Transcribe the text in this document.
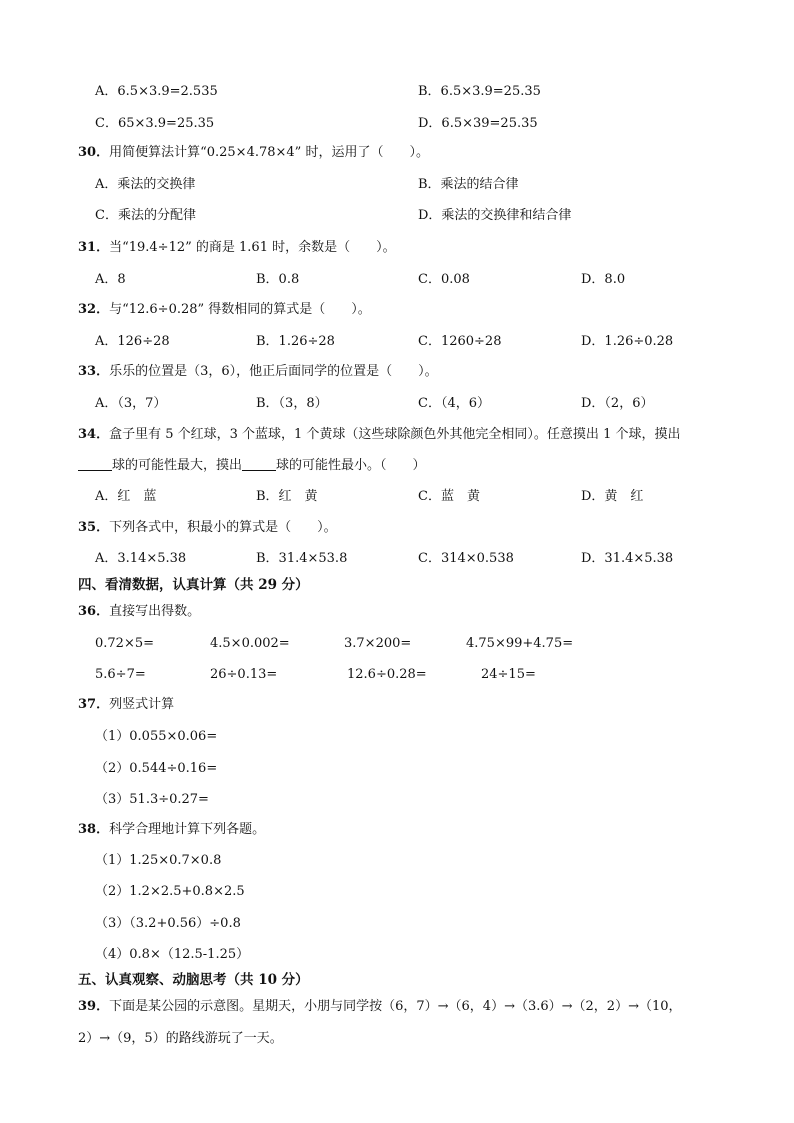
A．6.5×3.9=2.535	B．6.5×3.9=25.35
C．65×3.9=25.35	D．6.5×39=25.35
30．用简便算法计算“0.25×4.78×4” 时，运用了（　　）。
A．乘法的交换律	B．乘法的结合律
C．乘法的分配律	D．乘法的交换律和结合律
31．当“19.4÷12” 的商是 1.61 时，余数是（　　）。
A．8	B．0.8	C．0.08	D．8.0
32．与“12.6÷0.28” 得数相同的算式是（　　）。
A．126÷28	B．1.26÷28	C．1260÷28	D．1.26÷0.28
33．乐乐的位置是（3，6），他正后面同学的位置是（　　）。
A．（3，7）	B．（3，8）	C．（4，6）	D．（2，6）
34．盒子里有 5 个红球，3 个蓝球，1 个黄球（这些球除颜色外其他完全相同）。任意摸出 1 个球，摸出
球的可能性最大，摸出	球的可能性最小。（　　）
A．红　蓝	B．红　黄	C．蓝　黄	D．黄　红
35．下列各式中，积最小的算式是（　　）。
A．3.14×5.38	B．31.4×53.8	C．314×0.538	D．31.4×5.38
四、看清数据，认真计算（共 29 分）
36．直接写出得数。
0.72×5=	4.5×0.002=	3.7×200=	4.75×99+4.75=
5.6÷7=	26÷0.13=	12.6÷0.28=	24÷15=
37．列竖式计算
（1）0.055×0.06=
（2）0.544÷0.16=
（3）51.3÷0.27=
38．科学合理地计算下列各题。
（1）1.25×0.7×0.8
（2）1.2×2.5+0.8×2.5
（3）（3.2+0.56）÷0.8
（4）0.8×（12.5-1.25）
五、认真观察、动脑思考（共 10 分）
39．下面是某公园的示意图。星期天，小朋与同学按（6，7）→（6，4）→（3.6）→（2，2）→（10，
2）→（9，5）的路线游玩了一天。
